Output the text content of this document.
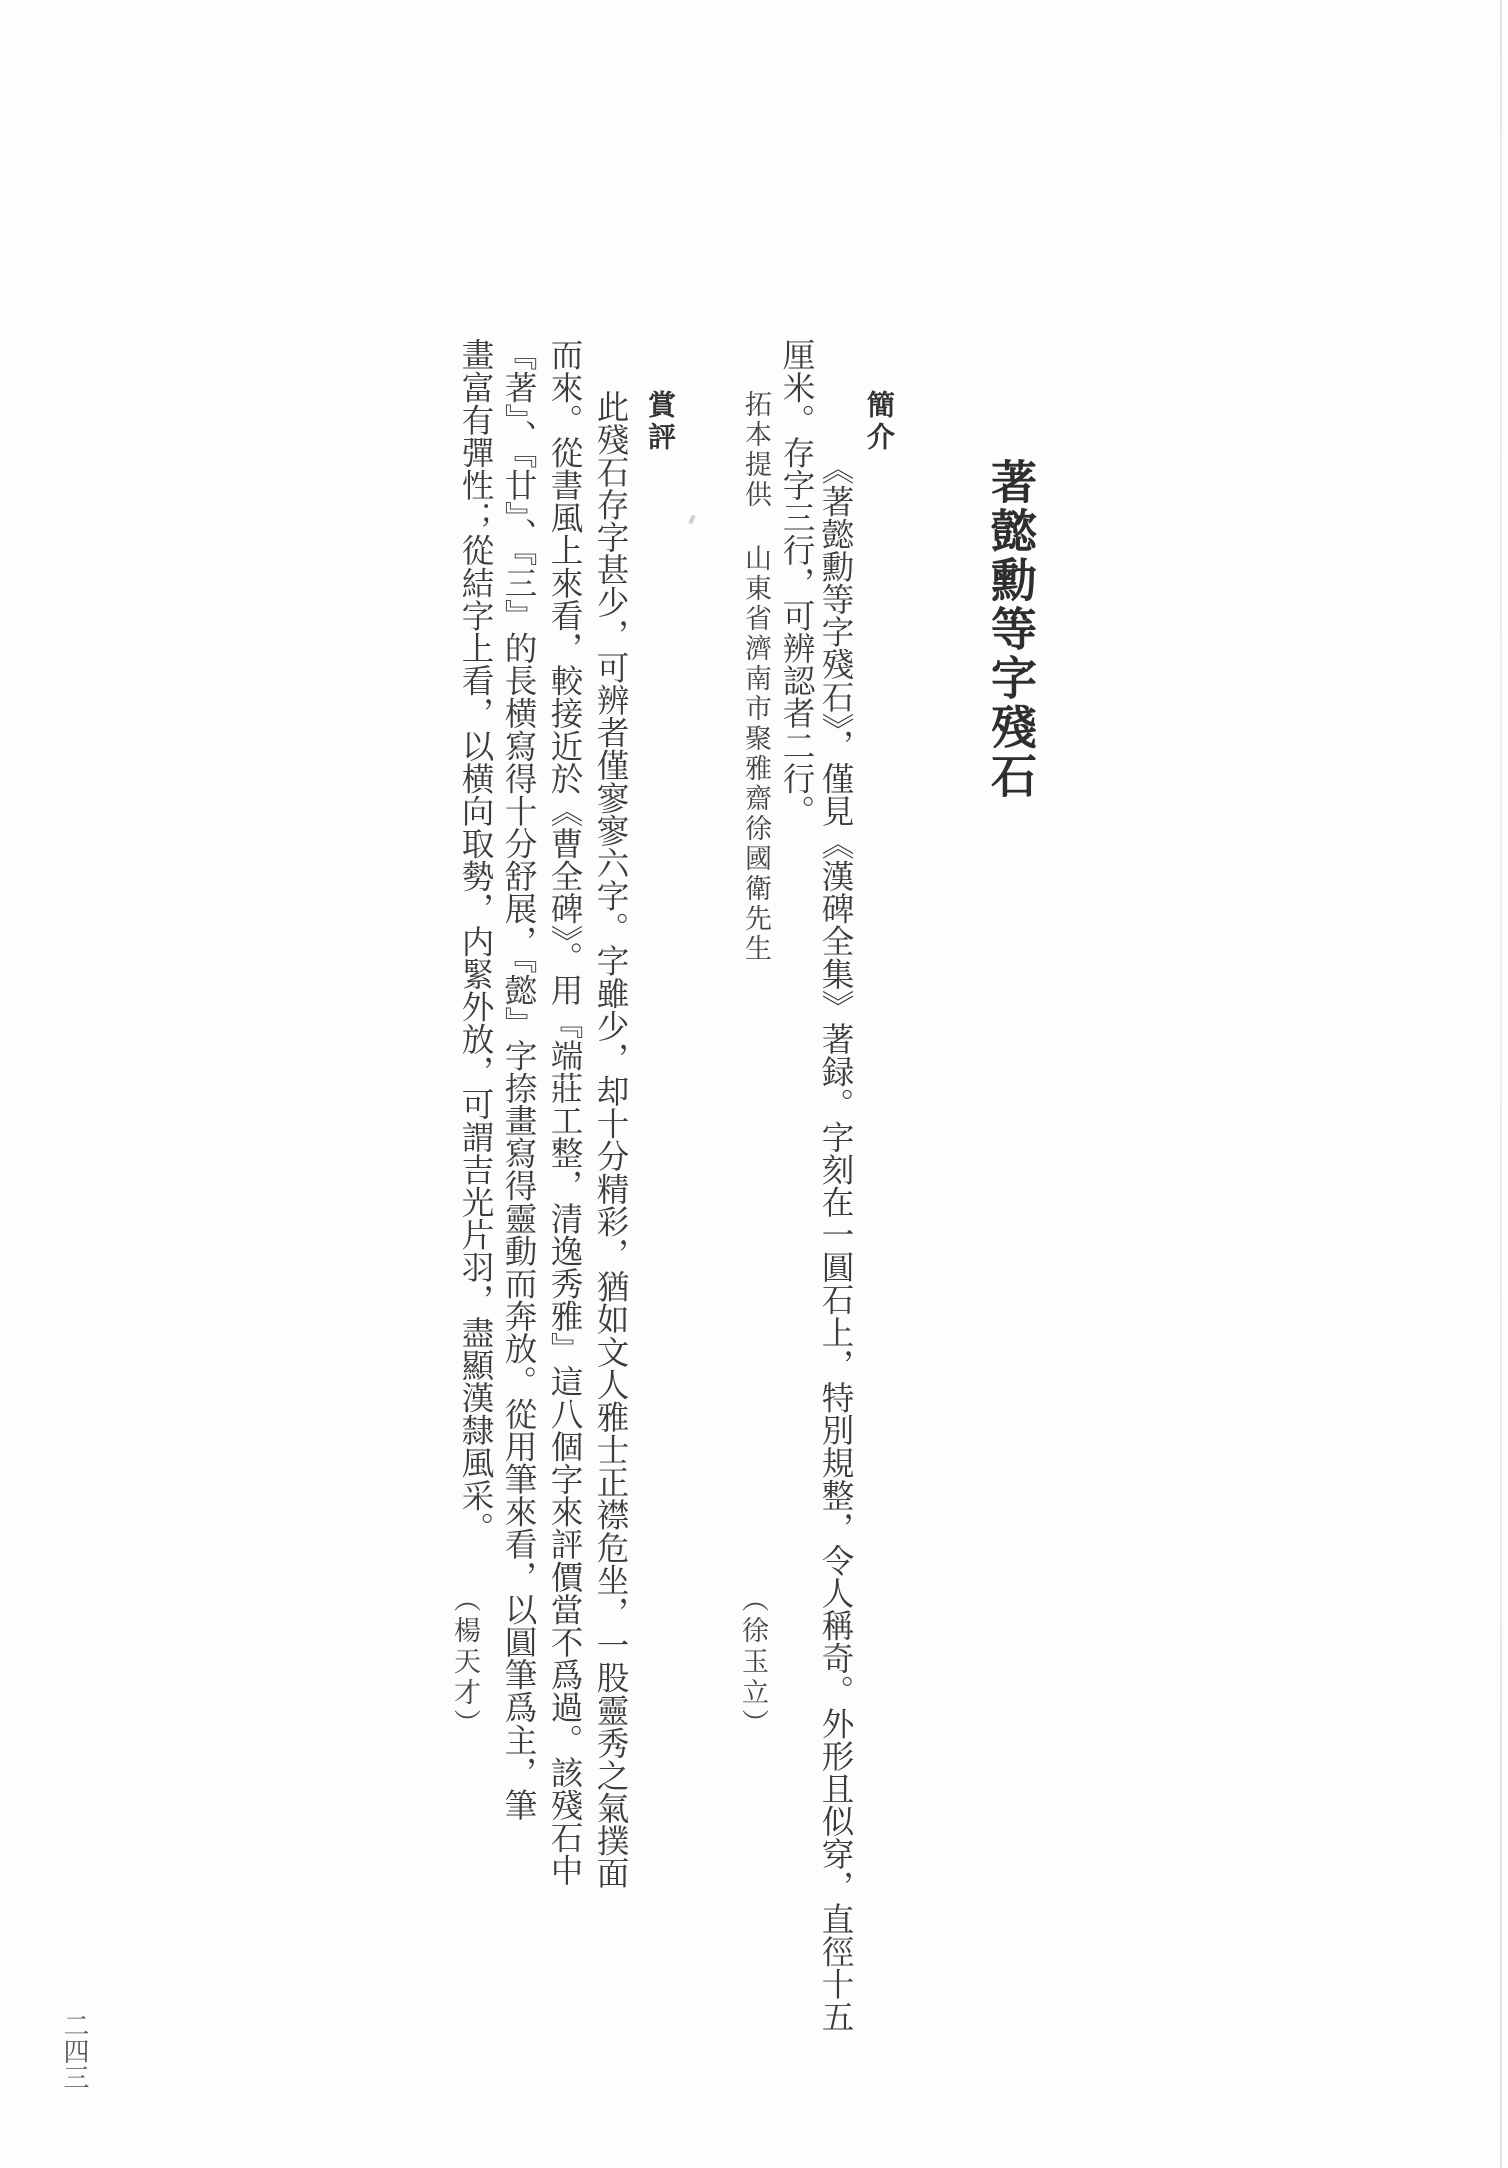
著懿勳等字殘石
簡介

《著懿勳等字殘石》，僅見《漢碑全集》著録。字刻在一圓石上，特別規整，令人稱奇。外形且似穿，直徑十五

厘米。存字三行，可辨認者二行。

拓本提供山東省濟南市聚雅齋徐國衛先生
（徐玉立）
賞評

此殘石存字甚少，可辨者僅寥寥六字。字雖少，却十分精彩，猶如文人雅士正襟危坐，一股靈秀之氣撲面

而來。從書風上來看，較接近於《曹全碑》。用『端莊工整，清逸秀雅』這八個字來評價當不爲過。該殘石中

『著』、『廿』、『三』的長横寫得十分舒展，『懿』字捺畫寫得靈動而奔放。從用筆來看，以圓筆爲主，筆

畫富有彈性；從結字上看，以横向取勢，内緊外放，可謂吉光片羽，盡顯漢隸風采。

（楊天才）
二四三
